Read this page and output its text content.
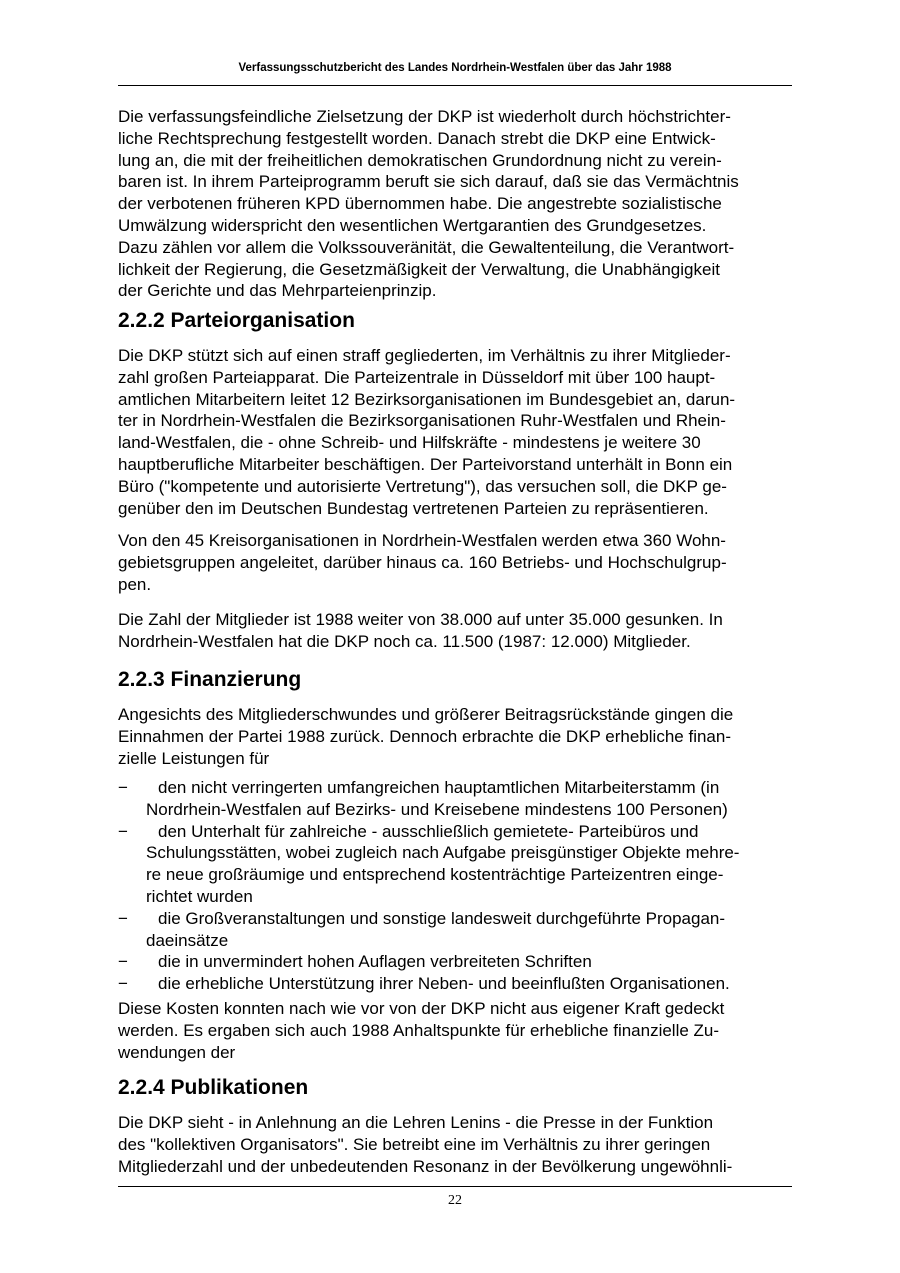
Verfassungsschutzbericht des Landes Nordrhein-Westfalen über das Jahr 1988

Die verfassungsfeindliche Zielsetzung der DKP ist wiederholt durch höchstrichter-

liche Rechtsprechung festgestellt worden. Danach strebt die DKP eine Entwick-

lung an, die mit der freiheitlichen demokratischen Grundordnung nicht zu verein-

baren ist. In ihrem Parteiprogramm beruft sie sich darauf, daß sie das Vermächtnis

der verbotenen früheren KPD übernommen habe. Die angestrebte sozialistische

Umwälzung widerspricht den wesentlichen Wertgarantien des Grundgesetzes.

Dazu zählen vor allem die Volkssouveränität, die Gewaltenteilung, die Verantwort-

lichkeit der Regierung, die Gesetzmäßigkeit der Verwaltung, die Unabhängigkeit

der Gerichte und das Mehrparteienprinzip.

2.2.2 Parteiorganisation

Die DKP stützt sich auf einen straff gegliederten, im Verhältnis zu ihrer Mitglieder-

zahl großen Parteiapparat. Die Parteizentrale in Düsseldorf mit über 100 haupt-

amtlichen Mitarbeitern leitet 12 Bezirksorganisationen im Bundesgebiet an, darun-

ter in Nordrhein-Westfalen die Bezirksorganisationen Ruhr-Westfalen und Rhein-

land-Westfalen, die - ohne Schreib- und Hilfskräfte - mindestens je weitere 30

hauptberufliche Mitarbeiter beschäftigen. Der Parteivorstand unterhält in Bonn ein

Büro ("kompetente und autorisierte Vertretung"), das versuchen soll, die DKP ge-

genüber den im Deutschen Bundestag vertretenen Parteien zu repräsentieren.

Von den 45 Kreisorganisationen in Nordrhein-Westfalen werden etwa 360 Wohn-

gebietsgruppen angeleitet, darüber hinaus ca. 160 Betriebs- und Hochschulgrup-

pen.

Die Zahl der Mitglieder ist 1988 weiter von 38.000 auf unter 35.000 gesunken. In

Nordrhein-Westfalen hat die DKP noch ca. 11.500 (1987: 12.000) Mitglieder.

2.2.3 Finanzierung

Angesichts des Mitgliederschwundes und größerer Beitragsrückstände gingen die

Einnahmen der Partei 1988 zurück. Dennoch erbrachte die DKP erhebliche finan-

zielle Leistungen für

−	den nicht verringerten umfangreichen hauptamtlichen Mitarbeiterstamm (in
Nordrhein-Westfalen auf Bezirks- und Kreisebene mindestens 100 Personen)
−	den Unterhalt für zahlreiche - ausschließlich gemietete- Parteibüros und
Schulungsstätten, wobei zugleich nach Aufgabe preisgünstiger Objekte mehre-
re neue großräumige und entsprechend kostenträchtige Parteizentren einge-
richtet wurden
−	die Großveranstaltungen und sonstige landesweit durchgeführte Propagan-
daeinsätze
−	die in unvermindert hohen Auflagen verbreiteten Schriften
−	die erhebliche Unterstützung ihrer Neben- und beeinflußten Organisationen.

Diese Kosten konnten nach wie vor von der DKP nicht aus eigener Kraft gedeckt

werden. Es ergaben sich auch 1988 Anhaltspunkte für erhebliche finanzielle Zu-

wendungen der

2.2.4 Publikationen

Die DKP sieht - in Anlehnung an die Lehren Lenins - die Presse in der Funktion

des "kollektiven Organisators". Sie betreibt eine im Verhältnis zu ihrer geringen

Mitgliederzahl und der unbedeutenden Resonanz in der Bevölkerung ungewöhnli-

22
